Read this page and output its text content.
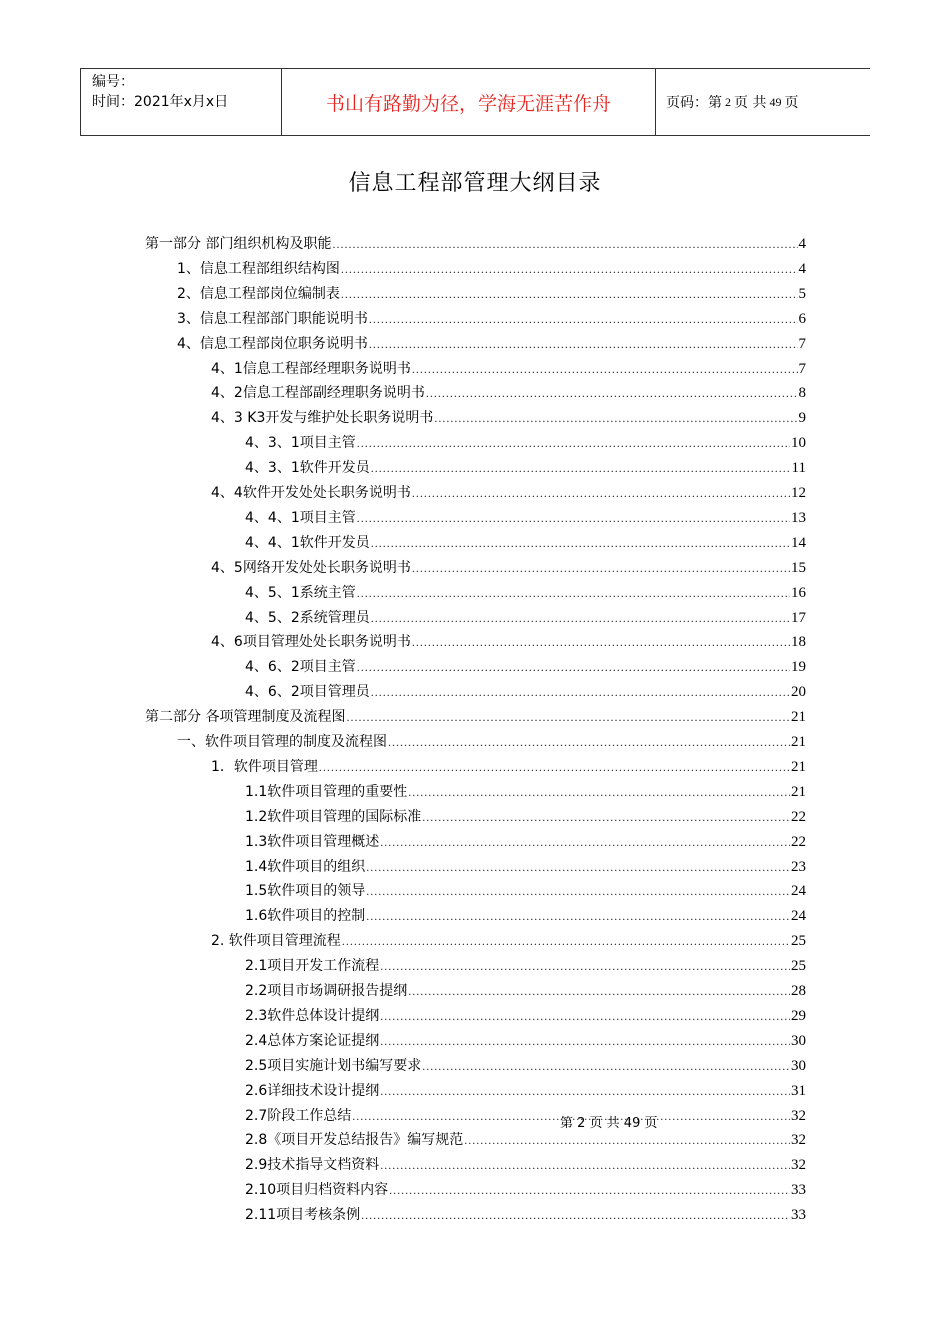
编号：
时间：2021年x月x日	书山有路勤为径，学海无涯苦作舟	页码：第 2 页 共 49 页
信息工程部管理大纲目录
第一部分 部门组织机构及职能 .....	4
1、信息工程部组织结构图 .....	4
2、信息工程部岗位编制表 .....	5
3、信息工程部部门职能说明书 .....	6
4、信息工程部岗位职务说明书 .....	7
4、1信息工程部经理职务说明书 .....	7
4、2信息工程部副经理职务说明书 .....	8
4、3 K3开发与维护处长职务说明书 .....	9
4、3、1项目主管 .....	10
4、3、1软件开发员 .....	11
4、4软件开发处处长职务说明书 .....	12
4、4、1项目主管 .....	13
4、4、1软件开发员 .....	14
4、5网络开发处处长职务说明书 .....	15
4、5、1系统主管 .....	16
4、5、2系统管理员 .....	17
4、6项目管理处处长职务说明书 .....	18
4、6、2项目主管 .....	19
4、6、2项目管理员 .....	20
第二部分 各项管理制度及流程图 .....	21
一、软件项目管理的制度及流程图 .....	21
1．软件项目管理 .....	21
1.1软件项目管理的重要性 .....	21
1.2软件项目管理的国际标准 .....	22
1.3软件项目管理概述 .....	22
1.4软件项目的组织 .....	23
1.5软件项目的领导 .....	24
1.6软件项目的控制 .....	24
2. 软件项目管理流程 .....	25
2.1项目开发工作流程 .....	25
2.2项目市场调研报告提纲 .....	28
2.3软件总体设计提纲 .....	29
2.4总体方案论证提纲 .....	30
2.5项目实施计划书编写要求 .....	30
2.6详细技术设计提纲 .....	31
2.7阶段工作总结 .....	32
2.8《项目开发总结报告》编写规范 .....	32
2.9技术指导文档资料 .....	32
2.10项目归档资料内容 .....	33
2.11项目考核条例 .....	33
第 2 页 共 49 页
